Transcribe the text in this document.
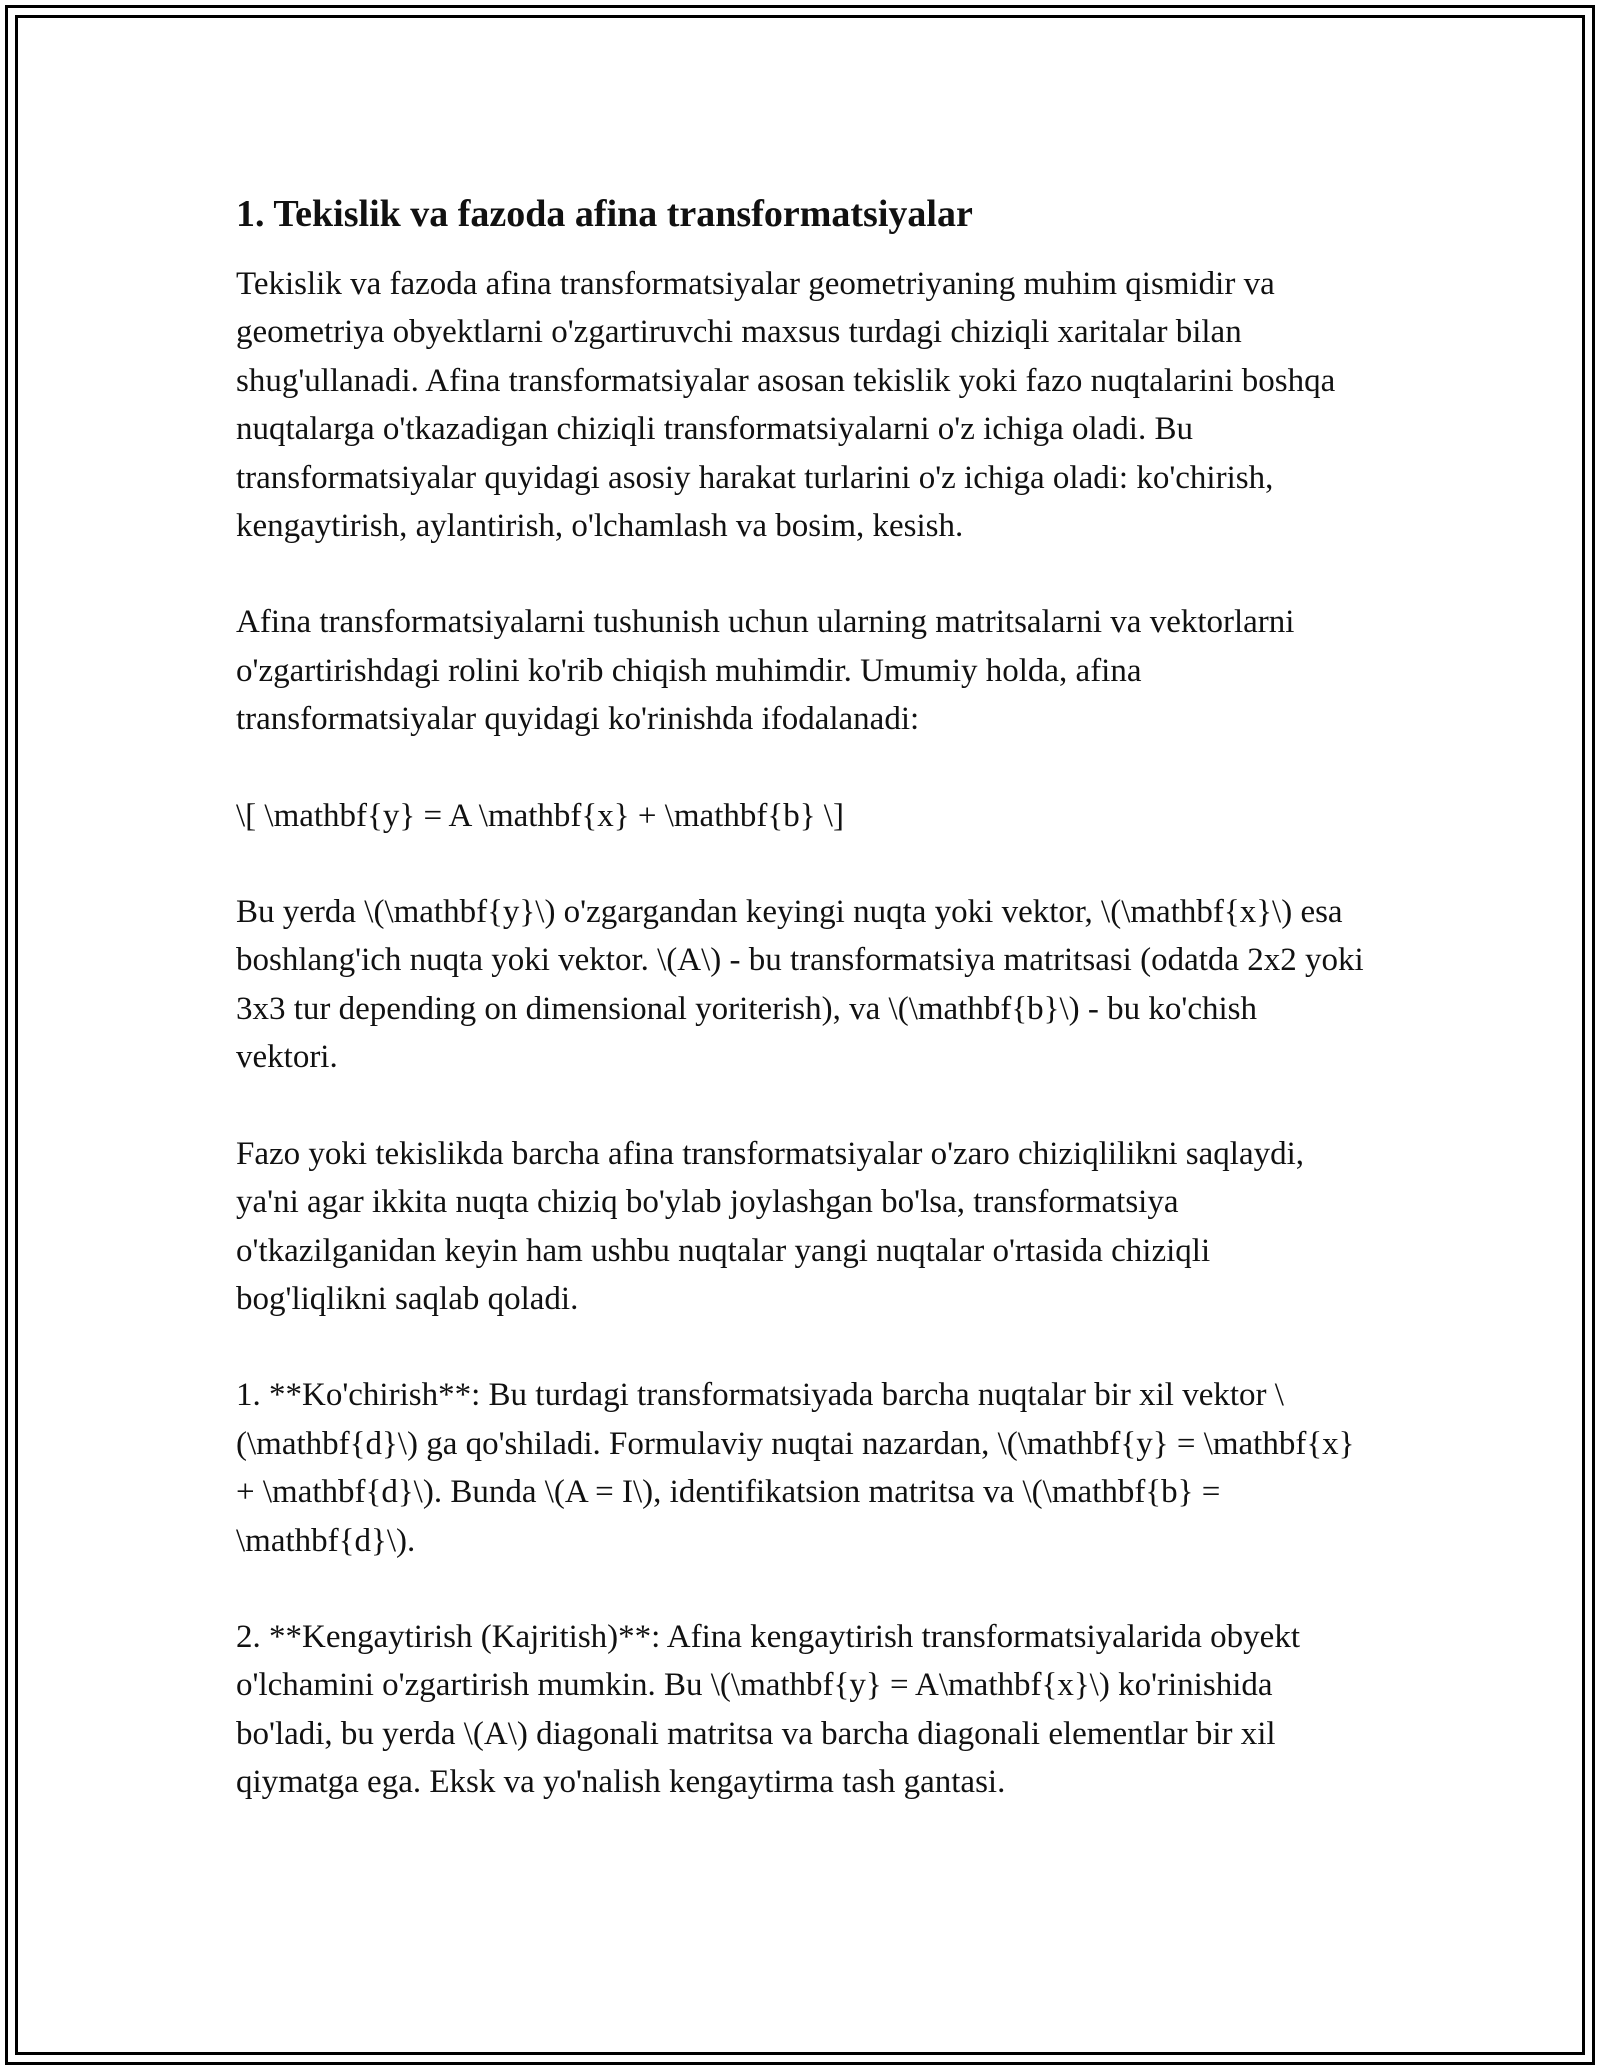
1. Tekislik va fazoda afina transformatsiyalar

Tekislik va fazoda afina transformatsiyalar geometriyaning muhim qismidir va geometriya obyektlarni o'zgartiruvchi maxsus turdagi chiziqli xaritalar bilan shug'ullanadi. Afina transformatsiyalar asosan tekislik yoki fazo nuqtalarini boshqa nuqtalarga o'tkazadigan chiziqli transformatsiyalarni o'z ichiga oladi. Bu transformatsiyalar quyidagi asosiy harakat turlarini o'z ichiga oladi: ko'chirish, kengaytirish, aylantirish, o'lchamlash va bosim, kesish.

Afina transformatsiyalarni tushunish uchun ularning matritsalarni va vektorlarni o'zgartirishdagi rolini ko'rib chiqish muhimdir. Umumiy holda, afina transformatsiyalar quyidagi ko'rinishda ifodalanadi:

\[ \mathbf{y} = A \mathbf{x} + \mathbf{b} \]

Bu yerda \(\mathbf{y}\) o'zgargandan keyingi nuqta yoki vektor, \(\mathbf{x}\) esa boshlang'ich nuqta yoki vektor. \(A\) - bu transformatsiya matritsasi (odatda 2x2 yoki 3x3 tur depending on dimensional yoriterish), va \(\mathbf{b}\) - bu ko'chish vektori.

Fazo yoki tekislikda barcha afina transformatsiyalar o'zaro chiziqlilikni saqlaydi, ya'ni agar ikkita nuqta chiziq bo'ylab joylashgan bo'lsa, transformatsiya o'tkazilganidan keyin ham ushbu nuqtalar yangi nuqtalar o'rtasida chiziqli bog'liqlikni saqlab qoladi.

1. **Ko'chirish**: Bu turdagi transformatsiyada barcha nuqtalar bir xil vektor \(\mathbf{d}\) ga qo'shiladi. Formulaviy nuqtai nazardan, \(\mathbf{y} = \mathbf{x} + \mathbf{d}\). Bunda \(A = I\), identifikatsion matritsa va \(\mathbf{b} = \mathbf{d}\).

2. **Kengaytirish (Kajritish)**: Afina kengaytirish transformatsiyalarida obyekt o'lchamini o'zgartirish mumkin. Bu \(\mathbf{y} = A\mathbf{x}\) ko'rinishida bo'ladi, bu yerda \(A\) diagonali matritsa va barcha diagonali elementlar bir xil qiymatga ega. Eksk va yo'nalish kengaytirma tash gantasi.
